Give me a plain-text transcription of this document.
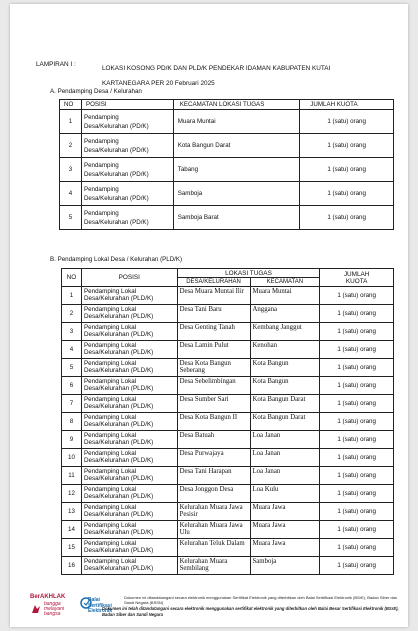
LAMPIRAN I :
LOKASI KOSONG PD/K DAN PLD/K PENDEKAR IDAMAN KABUPATEN KUTAI
KARTANEGARA PER 20 Februari 2025
A. Pendamping Desa / Kelurahan
NO	POSISI	KECAMATAN LOKASI TUGAS	JUMLAH KUOTA
1	Pendamping
Desa/Kelurahan (PD/K)	Muara Muntai	1 (satu) orang
2	Pendamping
Desa/Kelurahan (PD/K)	Kota Bangun Darat	1 (satu) orang
3	Pendamping
Desa/Kelurahan (PD/K)	Tabang	1 (satu) orang
4	Pendamping
Desa/Kelurahan (PD/K)	Samboja	1 (satu) orang
5	Pendamping
Desa/Kelurahan (PD/K)	Samboja Barat	1 (satu) orang
B. Pendamping Lokal Desa / Kelurahan (PLD/K)
NO	POSISI	LOKASI TUGAS		JUMLAH
KUOTA

		DESA/KELURAHAN	KECAMATAN	
1	Pendamping Lokal
Desa/Kelurahan (PLD/K)	Desa Muara Muntai Ilir	Muara Muntai	1 (satu) orang
2	Pendamping Lokal
Desa/Kelurahan (PLD/K)	Desa Tani Baru	Anggana	1 (satu) orang
3	Pendamping Lokal
Desa/Kelurahan (PLD/K)	Desa Genting Tanah	Kembang Janggut	1 (satu) orang
4	Pendamping Lokal
Desa/Kelurahan (PLD/K)	Desa Lamin Pulut	Kenohan	1 (satu) orang
5	Pendamping Lokal
Desa/Kelurahan (PLD/K)	Desa Kota Bangun Seberang	Kota Bangun	1 (satu) orang
6	Pendamping Lokal
Desa/Kelurahan (PLD/K)	Desa Sebelimbingan	Kota Bangun	1 (satu) orang
7	Pendamping Lokal
Desa/Kelurahan (PLD/K)	Desa Sumber Sari	Kota Bangun Darat	1 (satu) orang
8	Pendamping Lokal
Desa/Kelurahan (PLD/K)	Desa Kota Bangun II	Kota Bangun Darat	1 (satu) orang
9	Pendamping Lokal
Desa/Kelurahan (PLD/K)	Desa Batuah	Loa Janan	1 (satu) orang
10	Pendamping Lokal
Desa/Kelurahan (PLD/K)	Desa Purwajaya	Loa Janan	1 (satu) orang
11	Pendamping Lokal
Desa/Kelurahan (PLD/K)	Desa Tani Harapan	Loa Janan	1 (satu) orang
12	Pendamping Lokal
Desa/Kelurahan (PLD/K)	Desa Jonggon Desa	Loa Kulu	1 (satu) orang
13	Pendamping Lokal
Desa/Kelurahan (PLD/K)	Kelurahan Muara Jawa Pesisir	Muara Jawa	1 (satu) orang
14	Pendamping Lokal
Desa/Kelurahan (PLD/K)	Kelurahan Muara Jawa Ulu	Muara Jawa	1 (satu) orang
15	Pendamping Lokal
Desa/Kelurahan (PLD/K)	Kelurahan Teluk Dalam	Muara Jawa	1 (satu) orang
16	Pendamping Lokal
Desa/Kelurahan (PLD/K)	Kelurahan Muara Sembilang	Samboja	1 (satu) orang
BerAKHLAK
bangga melayani bangsa
Balai Sertifikasi Elektronik
Dokumen ini ditandatangani secara elektronik menggunakan Sertifikat Elektronik yang diterbitkan oleh Balai Sertifikasi Elektronik (BSrE), Badan Siber dan Sandi Negara (BSSN)
Dokumen ini telah ditandatangani secara elektronik menggunakan sertifikat elektronik yang diterbitkan oleh Balai Besar Sertifikasi Elektronik (BSrE), Badan Siber dan Sandi Negara
